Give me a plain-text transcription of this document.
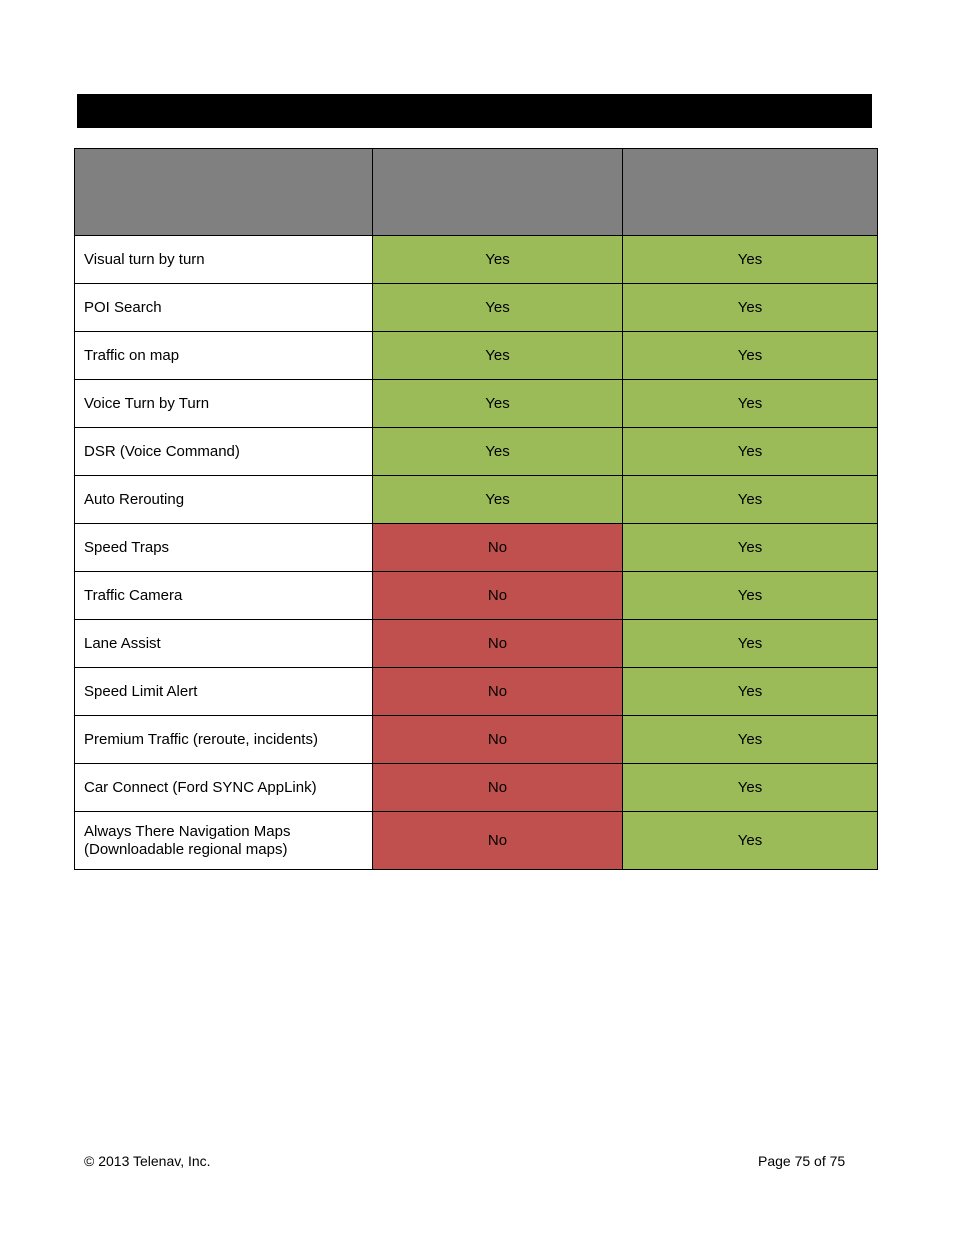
Visual turn by turn	Yes	Yes
POI Search	Yes	Yes
Traffic on map	Yes	Yes
Voice Turn by Turn	Yes	Yes
DSR (Voice Command)	Yes	Yes
Auto Rerouting	Yes	Yes
Speed Traps	No	Yes
Traffic Camera	No	Yes
Lane Assist	No	Yes
Speed Limit Alert	No	Yes
Premium Traffic (reroute, incidents)	No	Yes
Car Connect (Ford SYNC AppLink)	No	Yes

Always There Navigation Maps
(Downloadable regional maps)	No	Yes
© 2013 Telenav, Inc.	Page 75 of 75
